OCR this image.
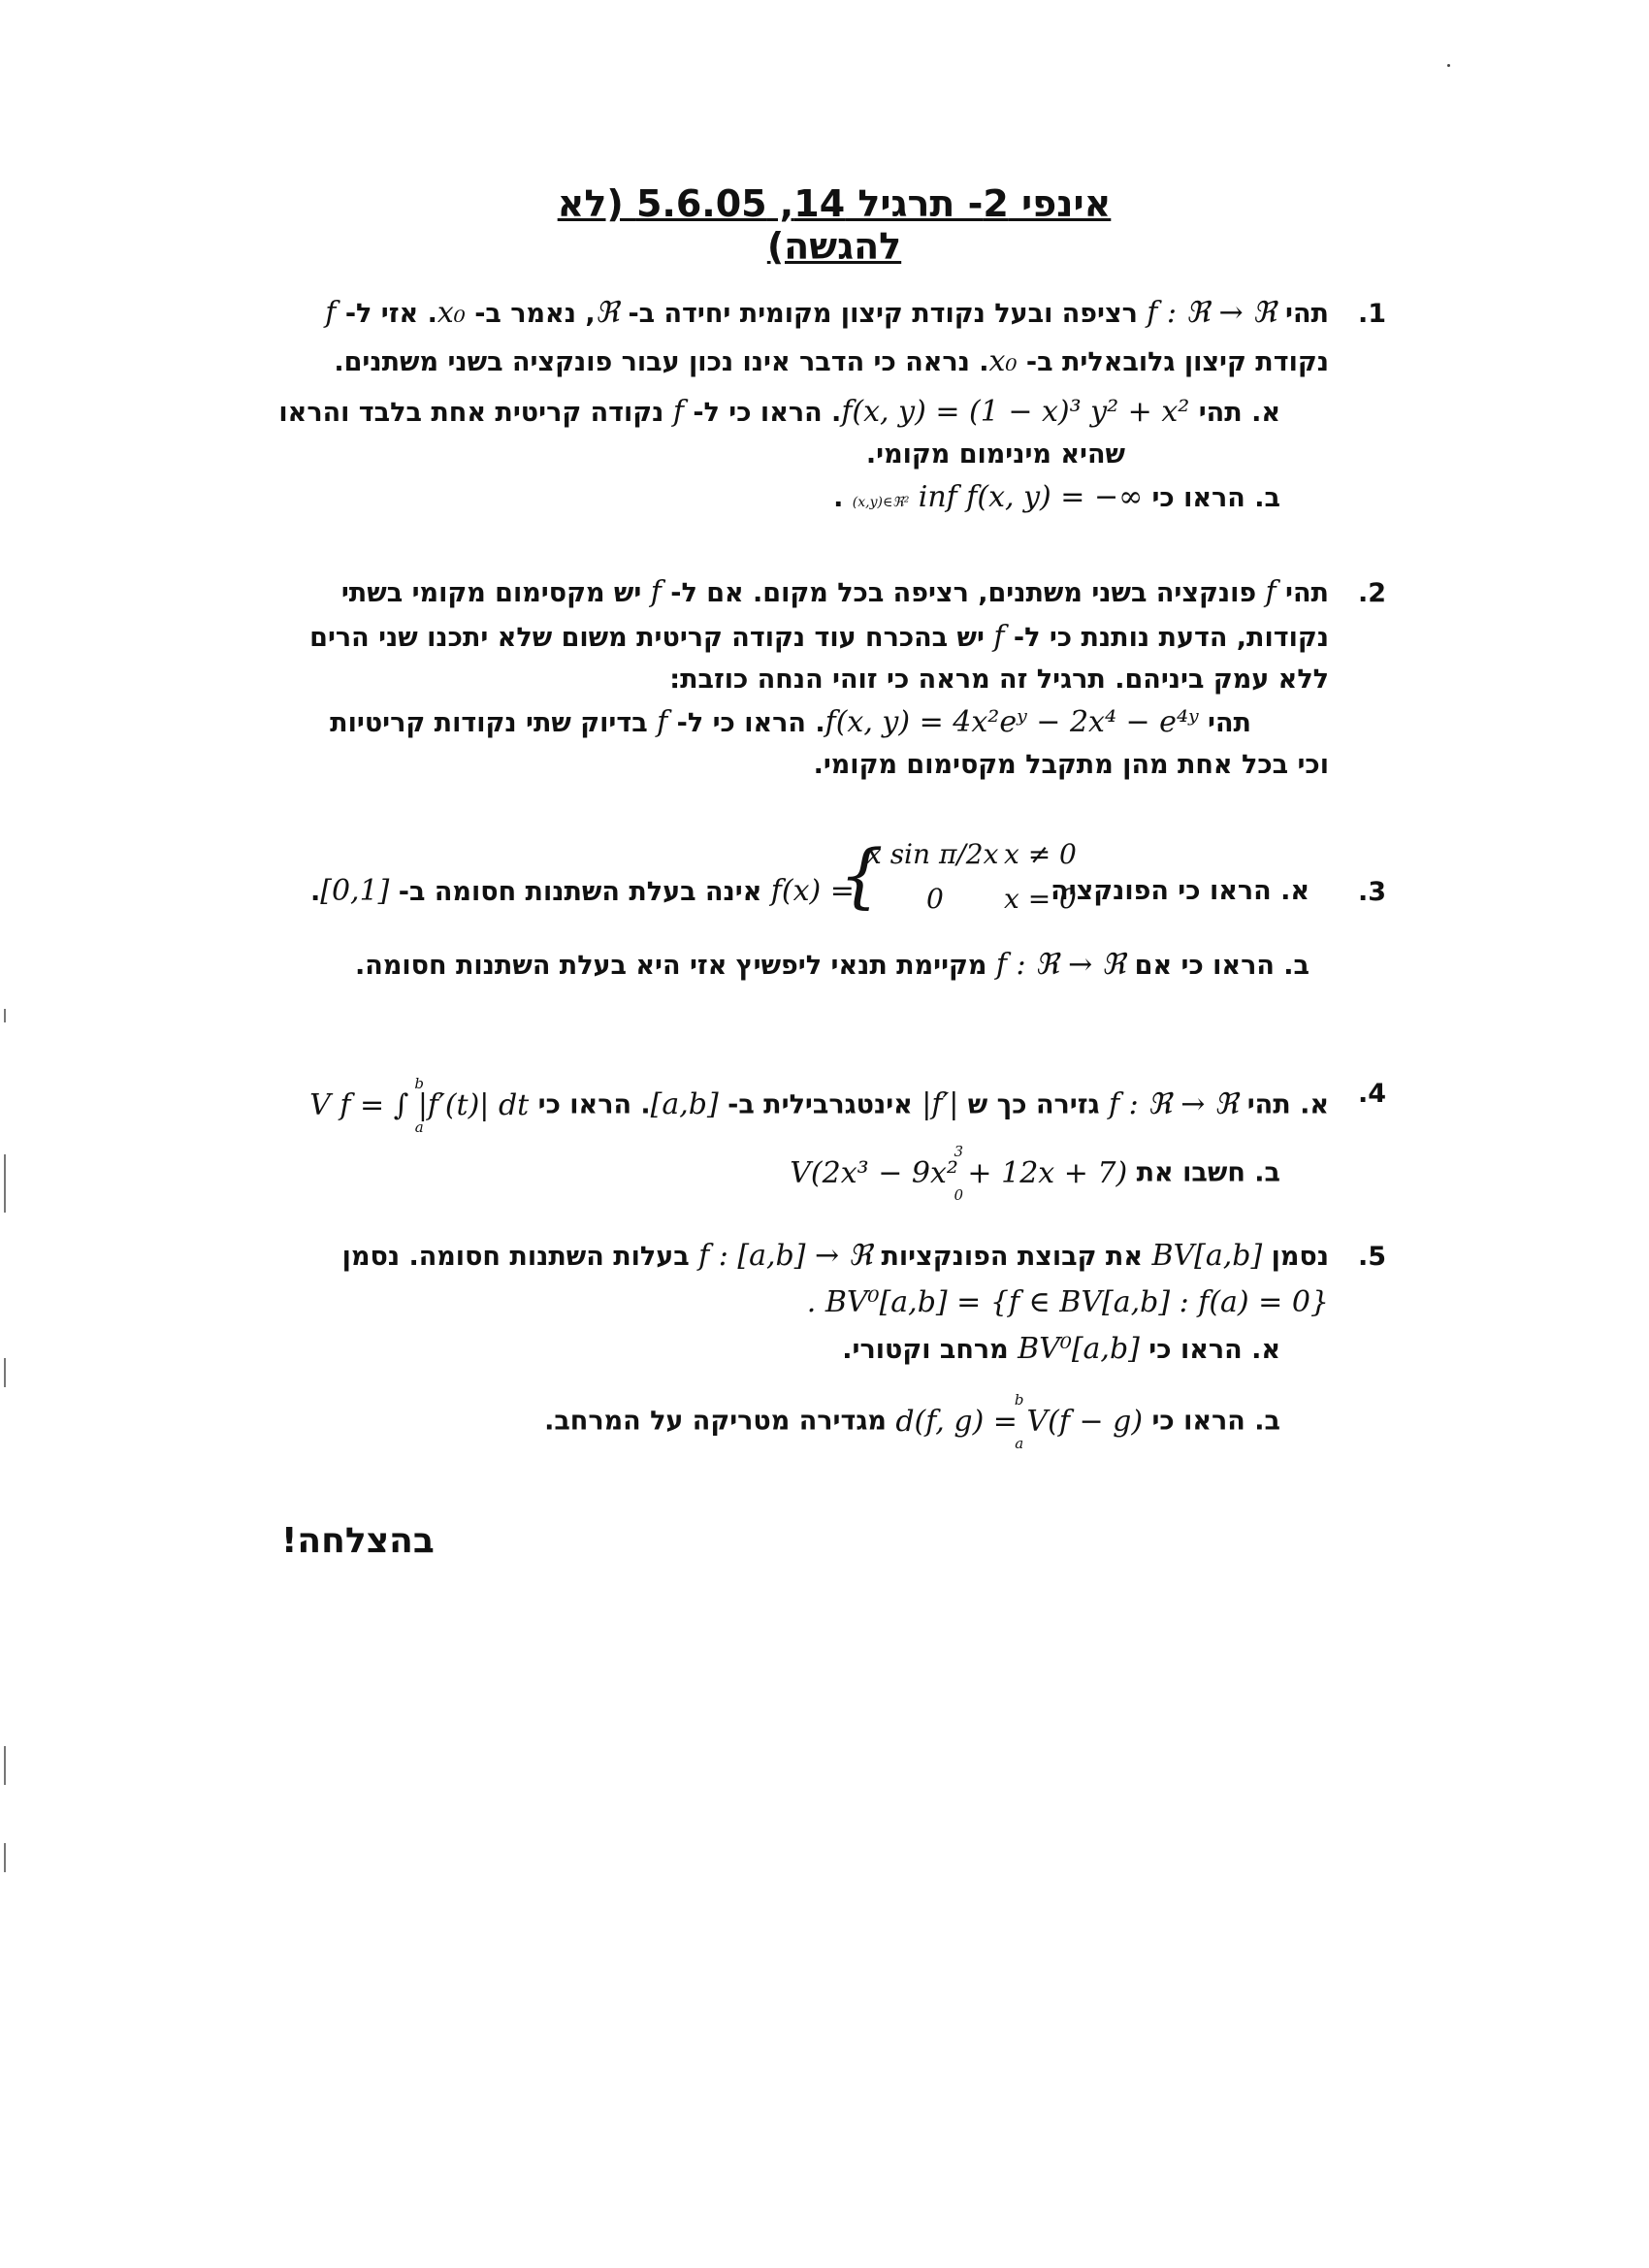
אינפי 2- תרגיל 14, 5.6.05 (לא להגשה)
.1
תהי f : ℜ → ℜ רציפה ובעל נקודת קיצון מקומית יחידה ב- ℜ, נאמר ב- x₀. אזי ל- f
נקודת קיצון גלובאלית ב- x₀. נראה כי הדבר אינו נכון עבור פונקציה בשני משתנים.
א. תהי f(x, y) = (1 − x)³ y² + x². הראו כי ל- f נקודה קריטית אחת בלבד והראו
שהיא מינימום מקומי.
ב. הראו כי inf f(x, y) = −∞ (x,y)∈ℜ² .
.2
תהי f פונקציה בשני משתנים, רציפה בכל מקום. אם ל- f יש מקסימום מקומי בשתי
נקודות, הדעת נותנת כי ל- f יש בהכרח עוד נקודה קריטית משום שלא יתכנו שני הרים
ללא עמק ביניהם. תרגיל זה מראה כי זוהי הנחה כוזבת:
תהי f(x, y) = 4x²eʸ − 2x⁴ − e⁴ʸ. הראו כי ל- f בדיוק שתי נקודות קריטיות
וכי בכל אחת מהן מתקבל מקסימום מקומי.
.3
א. הראו כי הפונקציה
{
x sin π/2x x ≠ 0
0 x = 0
f(x) = אינה בעלת השתנות חסומה ב- [0,1].
ב. הראו כי אם f : ℜ → ℜ מקיימת תנאי ליפשיץ אזי היא בעלת השתנות חסומה.
.4
א. תהי f : ℜ → ℜ גזירה כך ש |f′| אינטגרבילית ב- [a,b]. הראו כי
b
V f = ∫ |f′(t)| dt
a
ב. חשבו את
3
V(2x³ − 9x² + 12x + 7)
0
.5
נסמן BV[a,b] את קבוצת הפונקציות f : [a,b] → ℜ בעלות השתנות חסומה. נסמן
. BV⁰[a,b] = {f ∈ BV[a,b] : f(a) = 0}
א. הראו כי BV⁰[a,b] מרחב וקטורי.
ב. הראו כי
b
d(f, g) = V(f − g)
a
מגדירה מטריקה על המרחב.
בהצלחה!
